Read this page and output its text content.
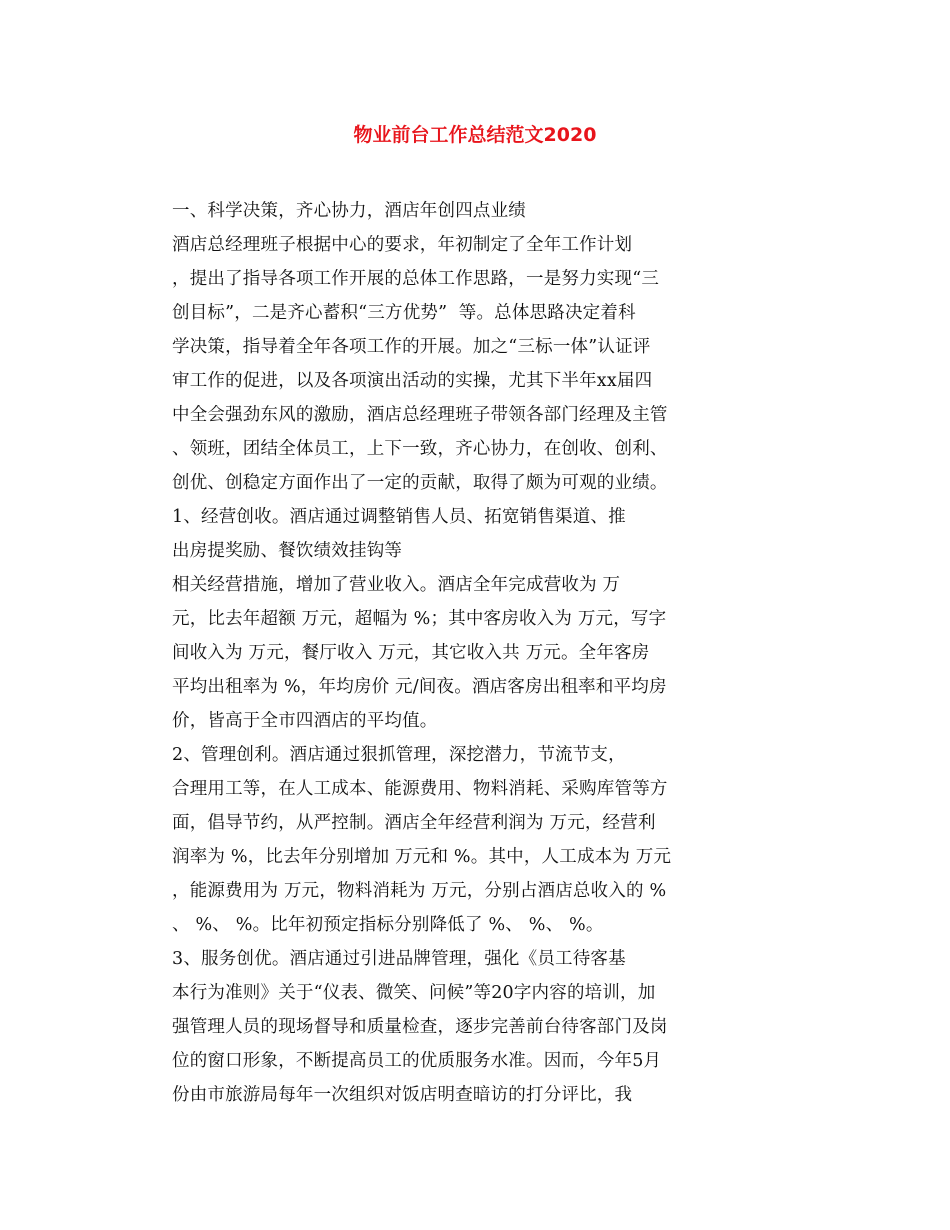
物业前台工作总结范文2020
一、科学决策，齐心协力，酒店年创四点业绩
酒店总经理班子根据中心的要求，年初制定了全年工作计划
，提出了指导各项工作开展的总体工作思路，一是努力实现“三
创目标”，二是齐心蓄积“三方优势”  等。总体思路决定着科
学决策，指导着全年各项工作的开展。加之“三标一体”认证评
审工作的促进，以及各项演出活动的实操，尤其下半年xx届四
中全会强劲东风的激励，酒店总经理班子带领各部门经理及主管
、领班，团结全体员工，上下一致，齐心协力，在创收、创利、
创优、创稳定方面作出了一定的贡献，取得了颇为可观的业绩。
1、经营创收。酒店通过调整销售人员、拓宽销售渠道、推
出房提奖励、餐饮绩效挂钩等
相关经营措施，增加了营业收入。酒店全年完成营收为 万
元，比去年超额 万元，超幅为 %；其中客房收入为 万元，写字
间收入为 万元，餐厅收入 万元，其它收入共 万元。全年客房
平均出租率为 %，年均房价 元/间夜。酒店客房出租率和平均房
价，皆高于全市四酒店的平均值。
2、管理创利。酒店通过狠抓管理，深挖潜力，节流节支，
合理用工等，在人工成本、能源费用、物料消耗、采购库管等方
面，倡导节约，从严控制。酒店全年经营利润为 万元，经营利
润率为 %，比去年分别增加 万元和 %。其中，人工成本为 万元
，能源费用为 万元，物料消耗为 万元，分别占酒店总收入的 %
、 %、 %。比年初预定指标分别降低了 %、 %、 %。
3、服务创优。酒店通过引进品牌管理，强化《员工待客基
本行为准则》关于“仪表、微笑、问候”等20字内容的培训，加
强管理人员的现场督导和质量检查，逐步完善前台待客部门及岗
位的窗口形象，不断提高员工的优质服务水准。因而，今年5月
份由市旅游局每年一次组织对饭店明查暗访的打分评比，我
